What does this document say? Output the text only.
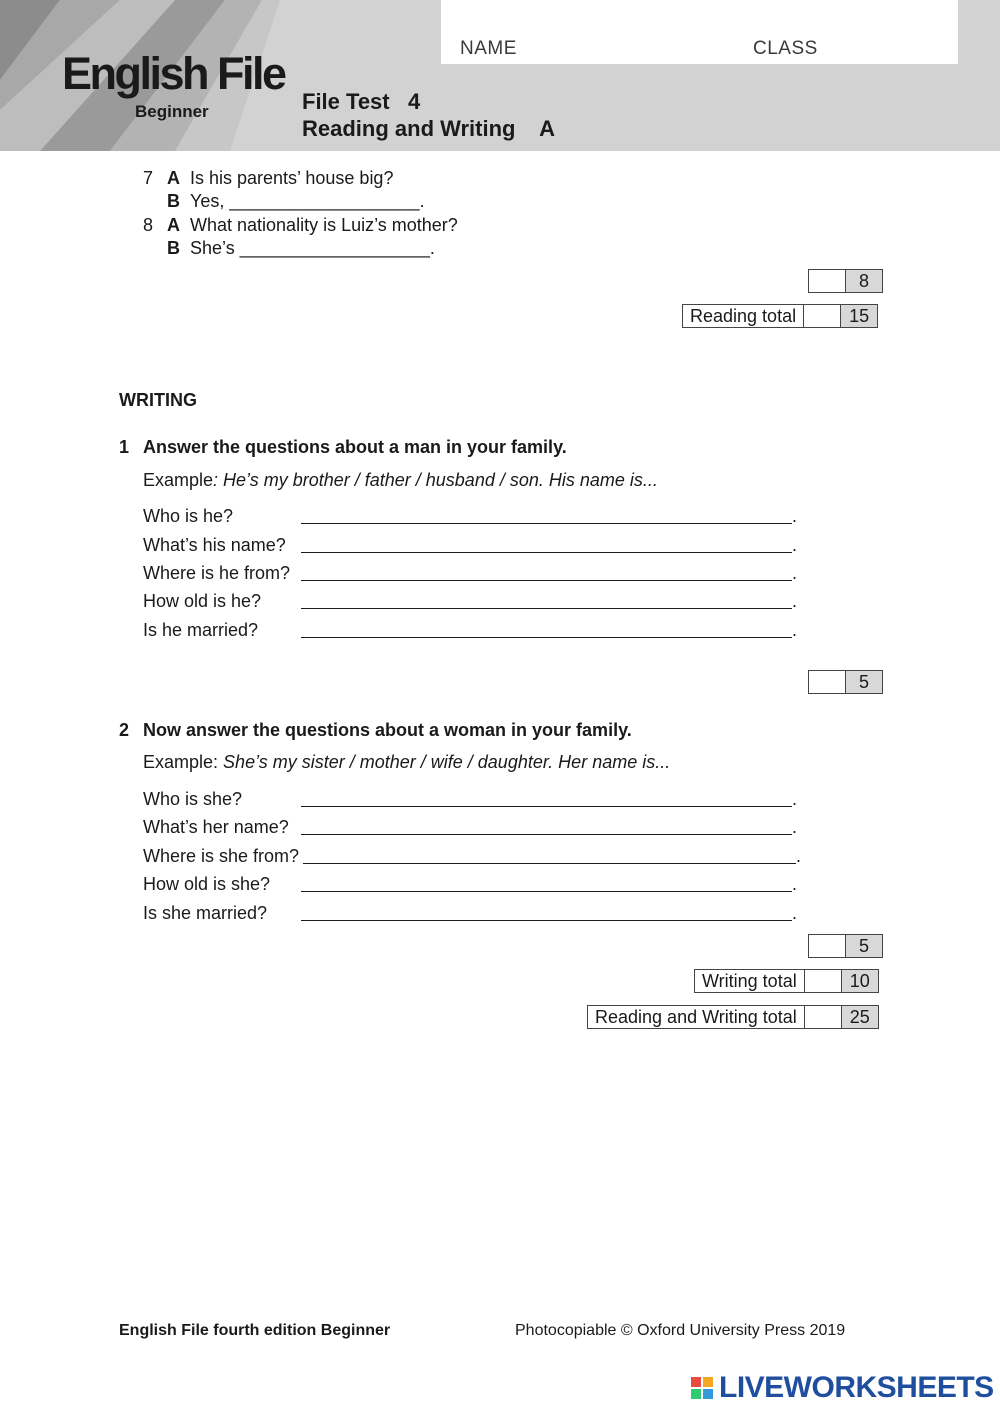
NAME	CLASS
English File
Beginner	File Test   4
Reading and Writing    A
7 A Is his parents’ house big?
B Yes, ___________________.
8 A What nationality is Luiz’s mother?
B She’s ___________________.
8
Reading total	15
WRITING
1 Answer the questions about a man in your family.
Example: He’s my brother / father / husband / son. His name is...
Who is he?	.
What’s his name?	.
Where is he from?	.
How old is he?	.
Is he married?	.
5
2 Now answer the questions about a woman in your family.
Example: She’s my sister / mother / wife / daughter. Her name is...
Who is she?	.
What’s her name?	.
Where is she from?	.
How old is she?	.
Is she married?	.
5
Writing total	10
Reading and Writing total	25
English File fourth edition Beginner	Photocopiable © Oxford University Press 2019
LIVEWORKSHEETS
